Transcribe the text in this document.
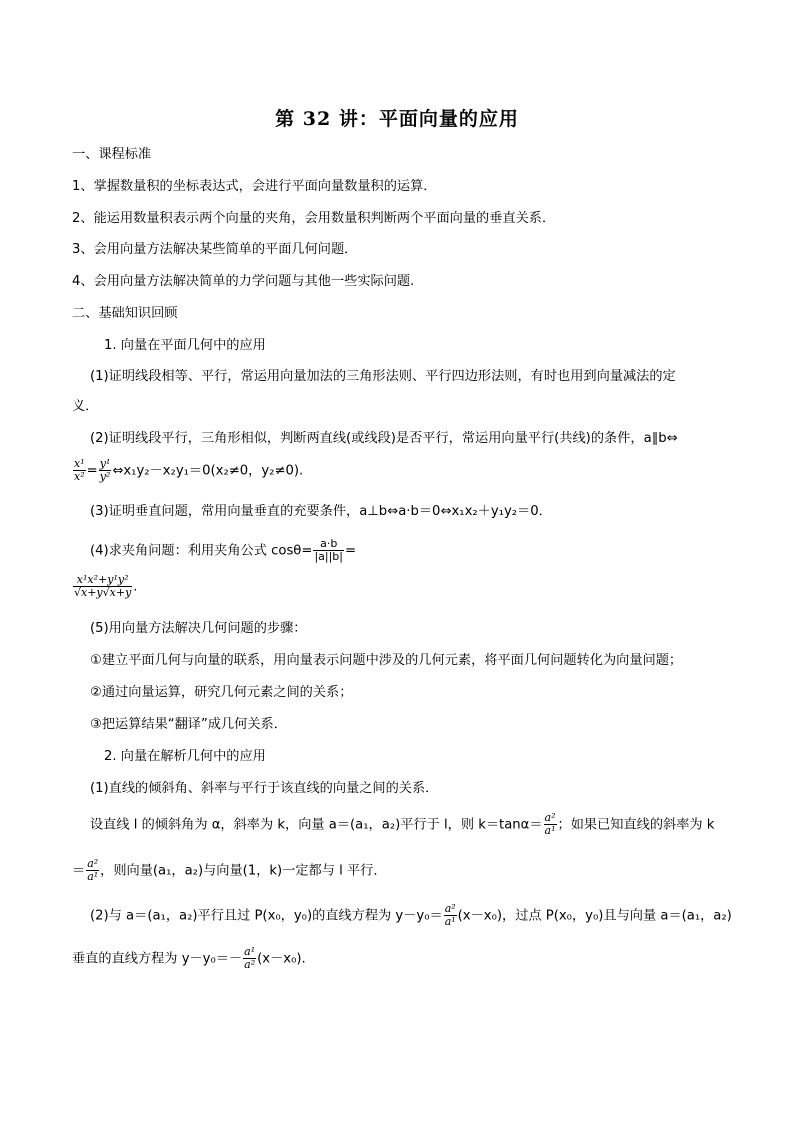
第 32 讲：平面向量的应用
一、课程标准
1、掌握数量积的坐标表达式，会进行平面向量数量积的运算．
2、能运用数量积表示两个向量的夹角，会用数量积判断两个平面向量的垂直关系．
3、会用向量方法解决某些简单的平面几何问题．
4、会用向量方法解决简单的力学问题与其他一些实际问题.
二、基础知识回顾
1. 向量在平面几何中的应用
(1)证明线段相等、平行，常运用向量加法的三角形法则、平行四边形法则，有时也用到向量减法的定
义．
(2)证明线段平行，三角形相似，判断两直线(或线段)是否平行，常运用向量平行(共线)的条件，a∥b⇔
$\frac{\text{x¹}}{\text{x²}} = \frac{\text{y¹}}{\text{y²}}$ ⇔x₁y₂－x₂y₁＝0(x₂≠0，y₂≠0).
(3)证明垂直问题，常用向量垂直的充要条件，a⊥b⇔a·b＝0⇔x₁x₂＋y₁y₂＝0．
(4)求夹角问题：利用夹角公式 $\cos\theta= \frac{a\cdot b}{|a||b|}$ =
$\frac{\text{x¹x²+y¹y²}}{√x+y√x+y}$ .
(5)用向量方法解决几何问题的步骤：
①建立平面几何与向量的联系，用向量表示问题中涉及的几何元素，将平面几何问题转化为向量问题；
②通过向量运算，研究几何元素之间的关系；
③把运算结果“翻译”成几何关系．
2. 向量在解析几何中的应用
(1)直线的倾斜角、斜率与平行于该直线的向量之间的关系．
设直线 l 的倾斜角为 α，斜率为 k，向量 a＝(a₁，a₂)平行于 l，则 $k=\tan\alpha= \frac{\text{a²}}{\text{a¹}}$ ；如果已知直线的斜率为 k
＝ $\frac{\text{a²}}{\text{a¹}}$ ，则向量(a₁，a₂)与向量(1，k)一定都与 l 平行．
(2)与 a＝(a₁，a₂)平行且过 P(x₀，y₀)的直线方程为 $y-y_0= \frac{\text{a²}}{\text{a¹}} (x-x_0)$，过点 P(x₀，y₀)且与向量 a＝(a₁，a₂)
垂直的直线方程为 $y-y_0=- \frac{\text{a¹}}{\text{a²}} (x-x_0)$.
